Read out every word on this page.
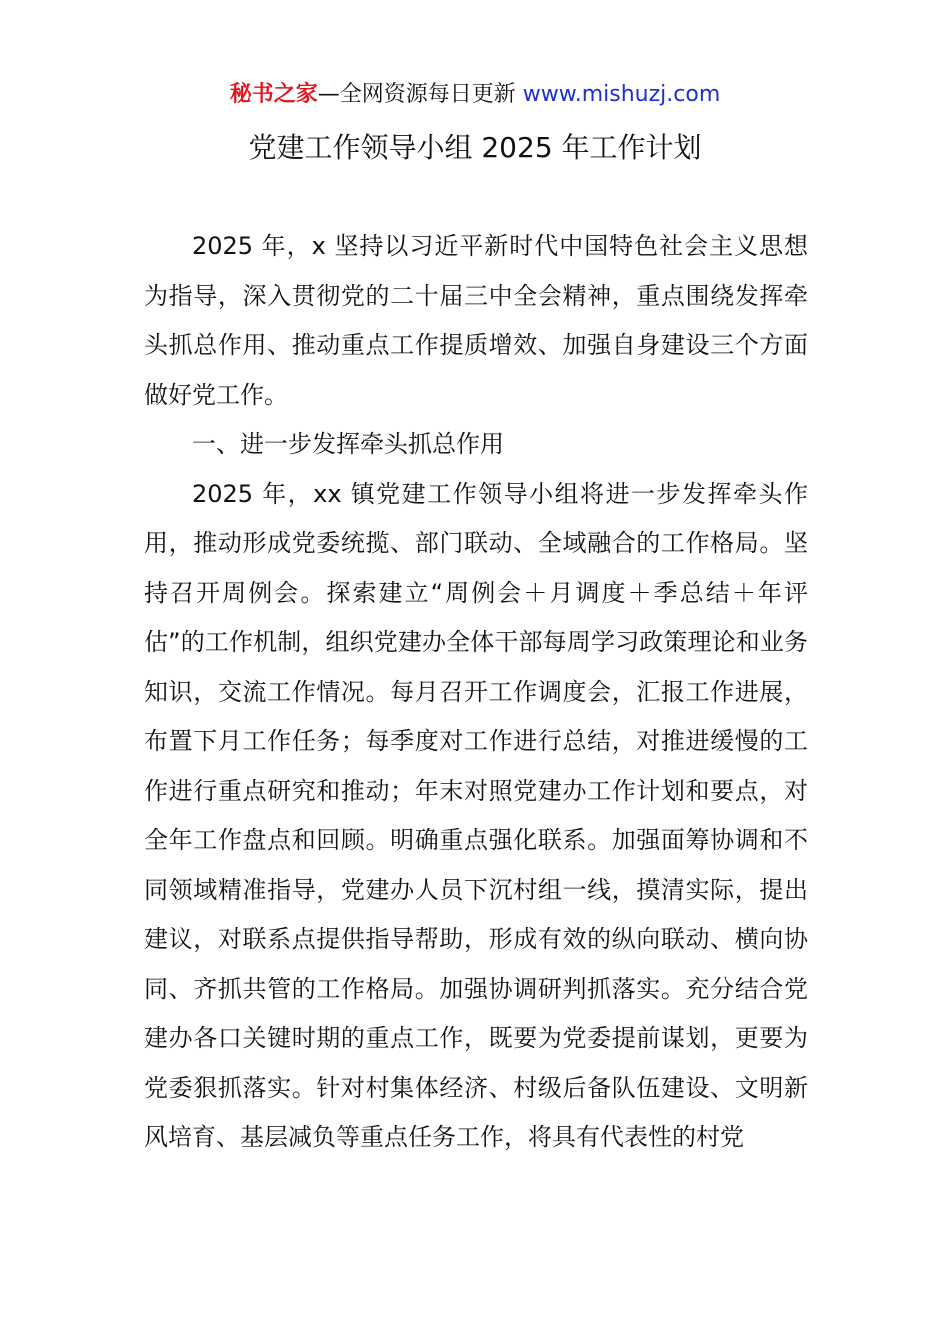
秘书之家—全网资源每日更新 www.mishuzj.com
党建工作领导小组 2025 年工作计划

2025 年，x 坚持以习近平新时代中国特色社会主义思想为指导，深入贯彻党的二十届三中全会精神，重点围绕发挥牵头抓总作用、推动重点工作提质增效、加强自身建设三个方面做好党工作。

一、进一步发挥牵头抓总作用

2025 年，xx 镇党建工作领导小组将进一步发挥牵头作用，推动形成党委统揽、部门联动、全域融合的工作格局。坚持召开周例会。探索建立“周例会＋月调度＋季总结＋年评估”的工作机制，组织党建办全体干部每周学习政策理论和业务知识，交流工作情况。每月召开工作调度会，汇报工作进展，布置下月工作任务；每季度对工作进行总结，对推进缓慢的工作进行重点研究和推动；年末对照党建办工作计划和要点，对全年工作盘点和回顾。明确重点强化联系。加强面筹协调和不同领域精准指导，党建办人员下沉村组一线，摸清实际，提出建议，对联系点提供指导帮助，形成有效的纵向联动、横向协同、齐抓共管的工作格局。加强协调研判抓落实。充分结合党建办各口关键时期的重点工作，既要为党委提前谋划，更要为党委狠抓落实。针对村集体经济、村级后备队伍建设、文明新风培育、基层减负等重点任务工作，将具有代表性的村党
